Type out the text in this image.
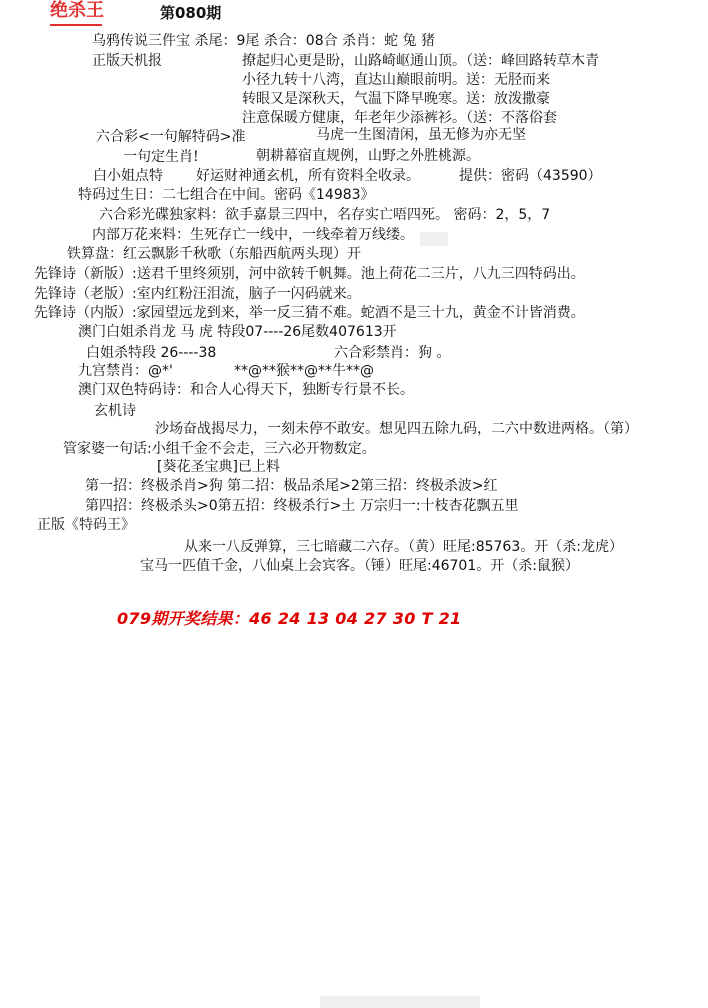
绝杀王	第080期
乌鸦传说三件宝 杀尾：9尾 杀合：08合 杀肖：蛇 兔 猪
正版天机报	撩起归心更是盼，山路崎岖通山顶。（送：峰回路转草木青
小径九转十八湾，直达山巅眼前明。送：无胫而来
转眼又是深秋天，气温下降早晚寒。送：放泼撒豪
注意保暖方健康，年老年少添裤衫。（送：不落俗套
六合彩<一句解特码>准	马虎一生图清闲，虽无修为亦无坚
一句定生肖!	朝耕幕宿直规例，山野之外胜桃源。
白小姐点特 好运财神通玄机，所有资料全收录。	提供：密码（43590）
特码过生日：二七组合在中间。密码《14983》
六合彩光碟独家料：欲手嘉景三四中，名存实亡唔四死。 密码：2，5，7
内部万花来料：生死存亡一线中，一线牵着万线缕。
铁算盘：红云飘影千秋歌（东船西航两头现）开
先锋诗（新版）:送君千里终须别，河中欲转千帆舞。池上荷花二三片，八九三四特码出。
先锋诗（老版）:室内红粉汪泪流，脑子一闪码就来。
先锋诗（内版）:家园望远龙到来，举一反三猜不难。蛇酒不是三十九，黄金不计皆消费。
澳门白姐杀肖龙 马 虎 特段07----26尾数407613开
白姐杀特段 26----38	六合彩禁肖：狗 。
九宫禁肖：@*'	**@**猴**@**牛**@
澳门双色特码诗：和合人心得天下，独断专行景不长。
玄机诗
沙场奋战揭尽力，一刻未停不敢安。想见四五除九码，二六中数进两格。（第）
管家婆一句话:小组千金不会走，三六必开物数定。
[葵花圣宝典]已上料
第一招：终极杀肖>狗 第二招：极品杀尾>2第三招：终极杀波>红
第四招：终极杀头>0第五招：终极杀行>土 万宗归一:十枝杏花飘五里
正版《特码王》
从来一八反弹算，三七暗藏二六存。（黄）旺尾:85763。开（杀:龙虎）
宝马一匹值千金，八仙桌上会宾客。（锤）旺尾:46701。开（杀:鼠猴）
079期开奖结果：46 24 13 04 27 30 T 21
